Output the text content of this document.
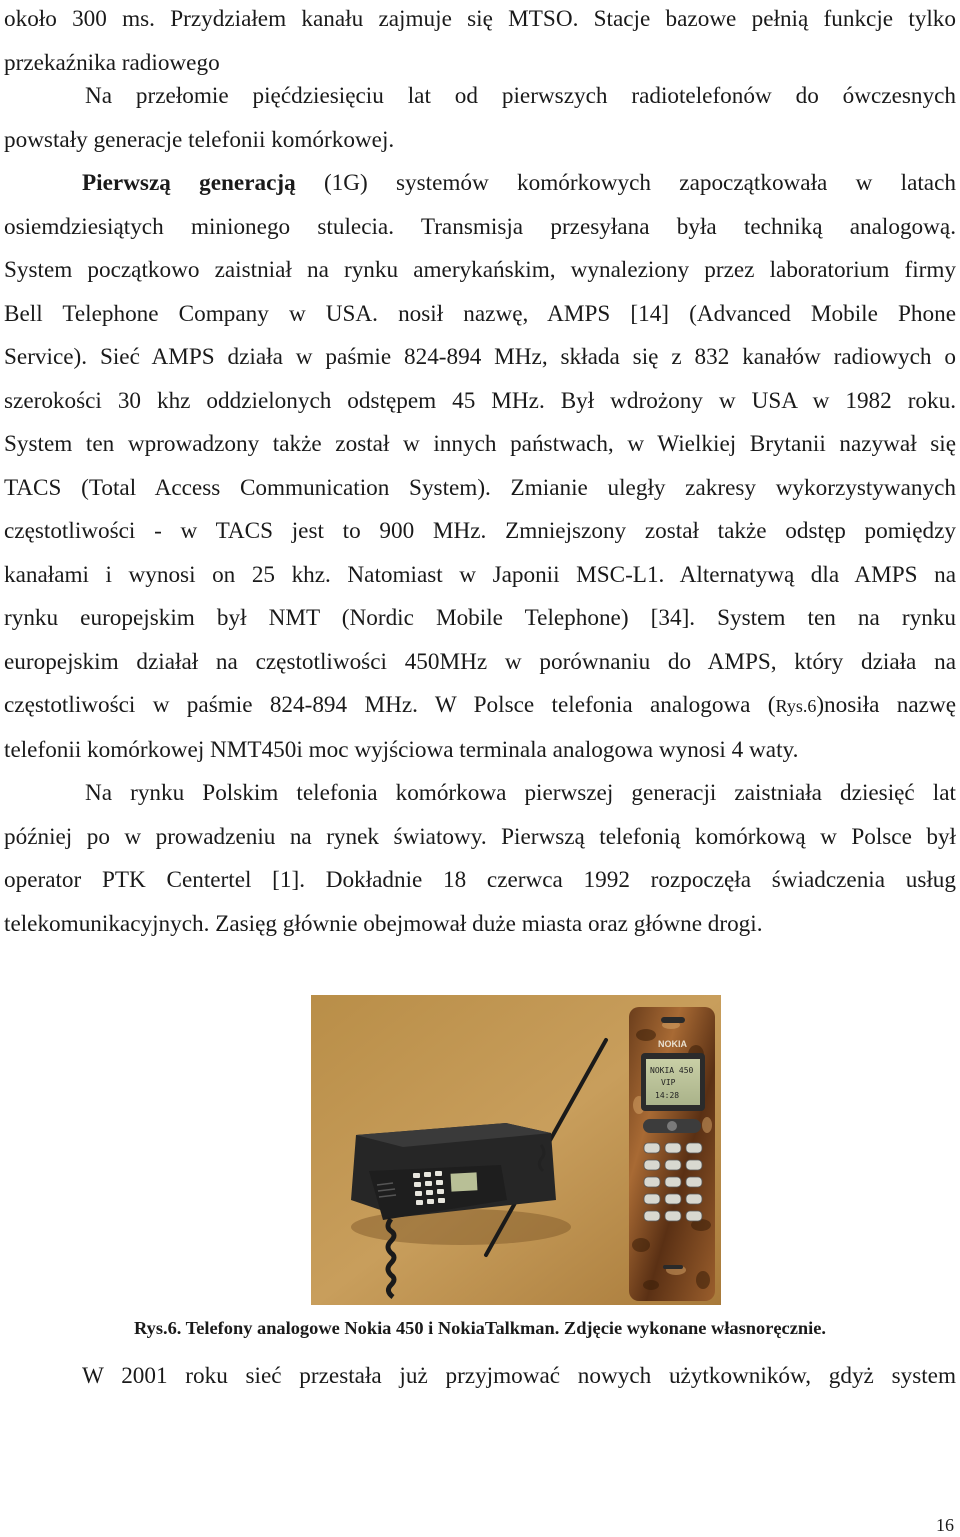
około 300 ms. Przydziałem kanału zajmuje się MTSO. Stacje bazowe pełnią funkcje tylko
przekaźnika radiowego
Na przełomie pięćdziesięciu lat od pierwszych radiotelefonów do ówczesnych
powstały generacje telefonii komórkowej.
Pierwszą generacją (1G) systemów komórkowych zapoczątkowała w latach
osiemdziesiątych minionego stulecia. Transmisja przesyłana była techniką analogową.
System początkowo zaistniał na rynku amerykańskim, wynaleziony przez laboratorium firmy
Bell Telephone Company w USA. nosił nazwę, AMPS [14] (Advanced Mobile Phone
Service). Sieć AMPS działa w paśmie 824-894 MHz, składa się z 832 kanałów radiowych o
szerokości 30 khz oddzielonych odstępem 45 MHz. Był wdrożony w USA w 1982 roku.
System ten wprowadzony także został w innych państwach, w Wielkiej Brytanii nazywał się
TACS (Total Access Communication System). Zmianie uległy zakresy wykorzystywanych
częstotliwości - w TACS jest to 900 MHz. Zmniejszony został także odstęp pomiędzy
kanałami i wynosi on 25 khz. Natomiast w Japonii MSC-L1. Alternatywą dla AMPS na
rynku europejskim był NMT (Nordic Mobile Telephone) [34]. System ten na rynku
europejskim działał na częstotliwości 450MHz w porównaniu do AMPS, który działa na
częstotliwości w paśmie 824-894 MHz. W Polsce telefonia analogowa (Rys.6)nosiła nazwę
telefonii komórkowej NMT450i moc wyjściowa terminala analogowa wynosi 4 waty.
Na rynku Polskim telefonia komórkowa pierwszej generacji zaistniała dziesięć lat
później po w prowadzeniu na rynek światowy. Pierwszą telefonią komórkową w Polsce był
operator PTK Centertel [1]. Dokładnie 18 czerwca 1992 rozpoczęła świadczenia usług
telekomunikacyjnych. Zasięg głównie obejmował duże miasta oraz główne drogi.
NOKIA
NOKIA 450
VIP
14:28
Rys.6. Telefony analogowe Nokia 450 i NokiaTalkman. Zdjęcie wykonane własnoręcznie.
W 2001 roku sieć przestała już przyjmować nowych użytkowników, gdyż system
16
